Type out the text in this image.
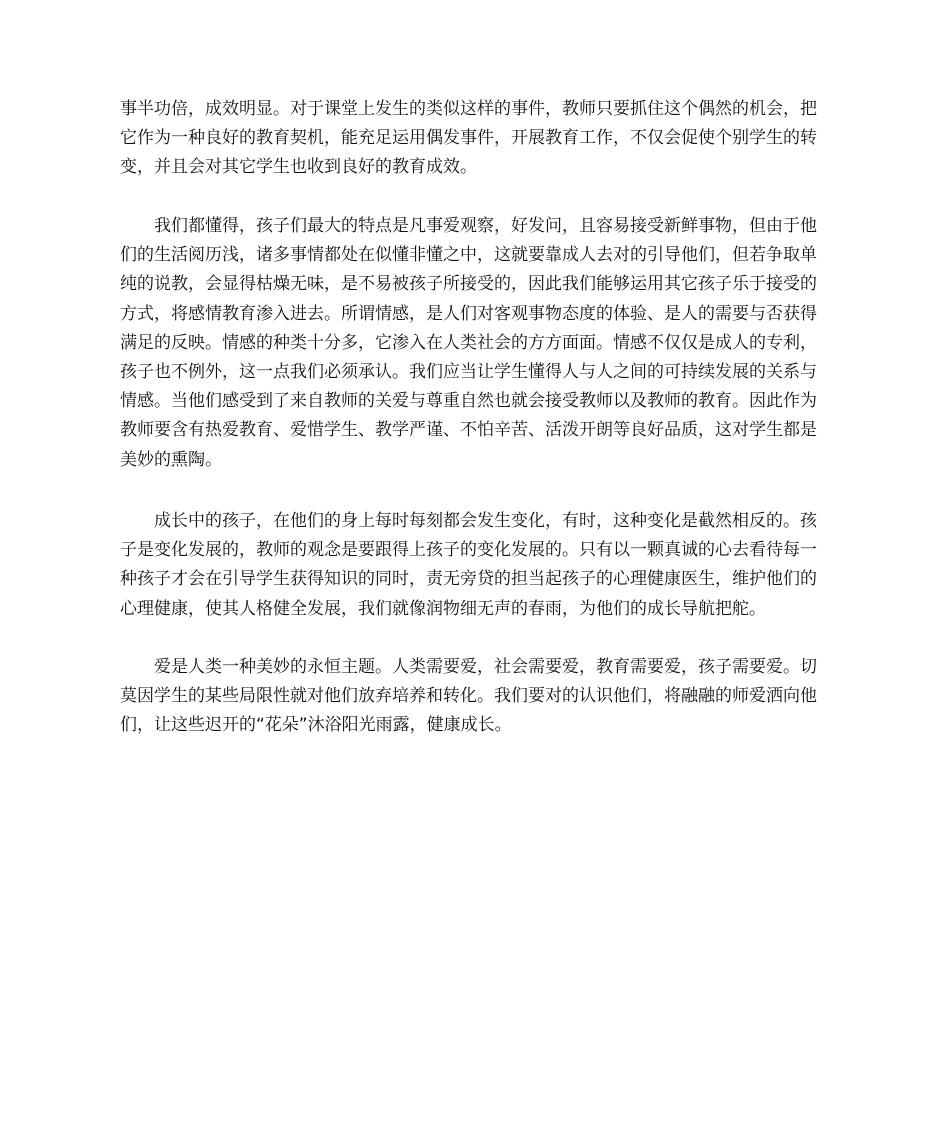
事半功倍，成效明显。对于课堂上发生的类似这样的事件，教师只要抓住这个偶然的机会，把它作为一种良好的教育契机，能充足运用偶发事件，开展教育工作，不仅会促使个别学生的转变，并且会对其它学生也收到良好的教育成效。

我们都懂得，孩子们最大的特点是凡事爱观察，好发问，且容易接受新鲜事物，但由于他们的生活阅历浅，诸多事情都处在似懂非懂之中，这就要靠成人去对的引导他们，但若争取单纯的说教，会显得枯燥无味，是不易被孩子所接受的，因此我们能够运用其它孩子乐于接受的方式，将感情教育渗入进去。所谓情感，是人们对客观事物态度的体验、是人的需要与否获得满足的反映。情感的种类十分多，它渗入在人类社会的方方面面。情感不仅仅是成人的专利，孩子也不例外，这一点我们必须承认。我们应当让学生懂得人与人之间的可持续发展的关系与情感。当他们感受到了来自教师的关爱与尊重自然也就会接受教师以及教师的教育。因此作为教师要含有热爱教育、爱惜学生、教学严谨、不怕辛苦、活泼开朗等良好品质，这对学生都是美妙的熏陶。

成长中的孩子，在他们的身上每时每刻都会发生变化，有时，这种变化是截然相反的。孩子是变化发展的，教师的观念是要跟得上孩子的变化发展的。只有以一颗真诚的心去看待每一种孩子才会在引导学生获得知识的同时，责无旁贷的担当起孩子的心理健康医生，维护他们的心理健康，使其人格健全发展，我们就像润物细无声的春雨，为他们的成长导航把舵。

爱是人类一种美妙的永恒主题。人类需要爱，社会需要爱，教育需要爱，孩子需要爱。切莫因学生的某些局限性就对他们放弃培养和转化。我们要对的认识他们，将融融的师爱洒向他们，让这些迟开的“花朵”沐浴阳光雨露，健康成长。
